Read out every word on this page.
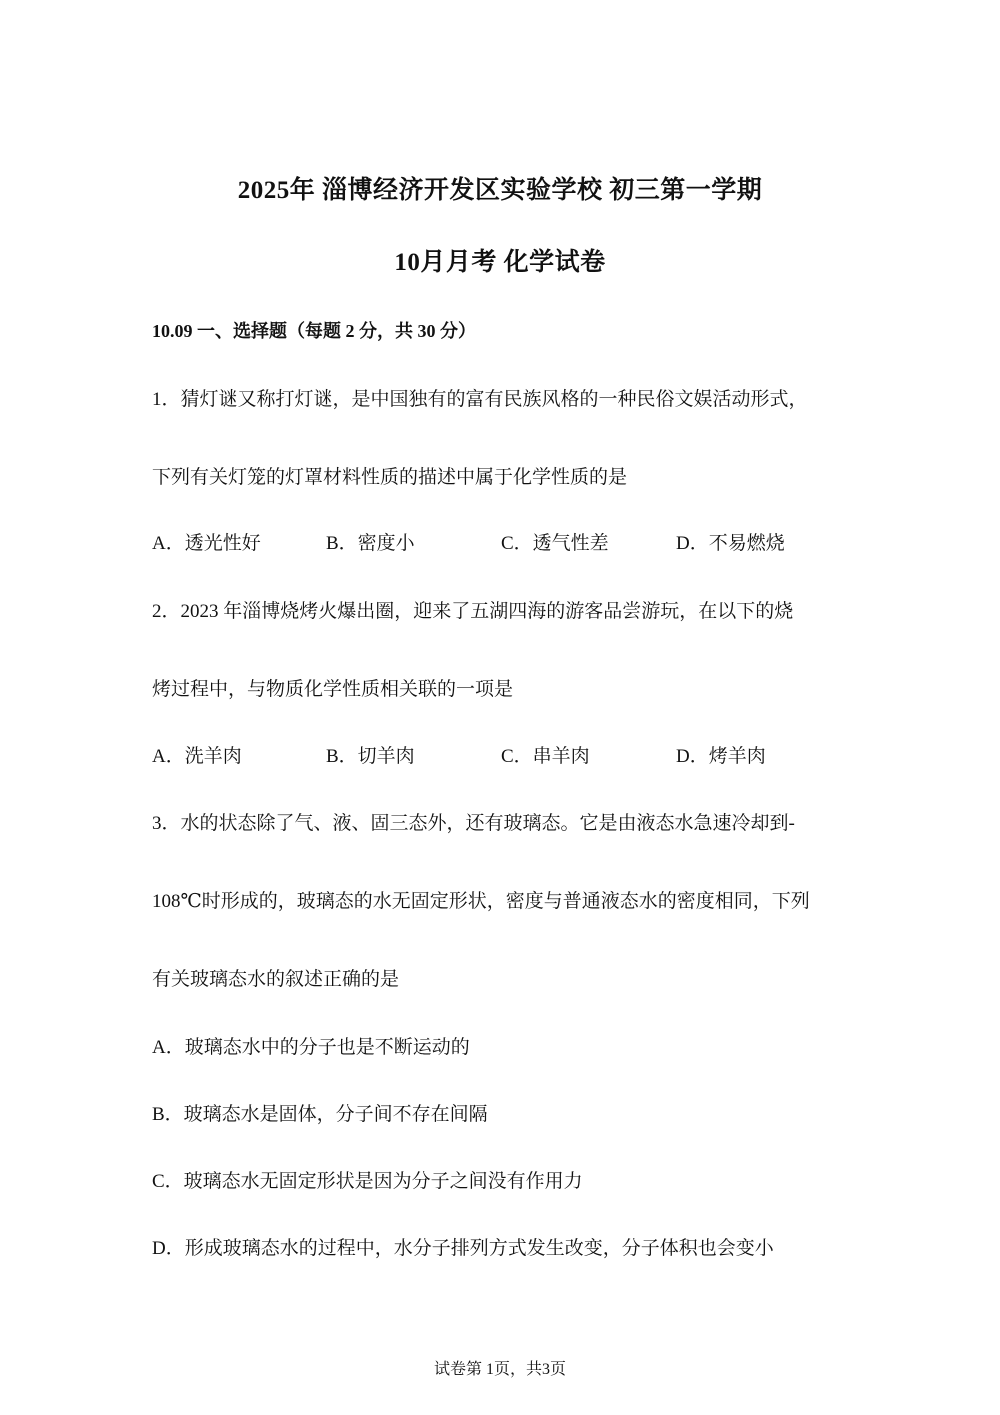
2025年 淄博经济开发区实验学校 初三第一学期
10月月考 化学试卷
10.09 一、选择题（每题 2 分，共 30 分）
1．猜灯谜又称打灯谜，是中国独有的富有民族风格的一种民俗文娱活动形式，
下列有关灯笼的灯罩材料性质的描述中属于化学性质的是
A．透光性好	B．密度小	C．透气性差	D．不易燃烧
2．2023 年淄博烧烤火爆出圈，迎来了五湖四海的游客品尝游玩，在以下的烧
烤过程中，与物质化学性质相关联的一项是
A．洗羊肉	B．切羊肉	C．串羊肉	D．烤羊肉
3．水的状态除了气、液、固三态外，还有玻璃态。它是由液态水急速冷却到-
108℃时形成的，玻璃态的水无固定形状，密度与普通液态水的密度相同，下列
有关玻璃态水的叙述正确的是
A．玻璃态水中的分子也是不断运动的
B．玻璃态水是固体，分子间不存在间隔
C．玻璃态水无固定形状是因为分子之间没有作用力
D．形成玻璃态水的过程中，水分子排列方式发生改变，分子体积也会变小
试卷第 1页，共3页
